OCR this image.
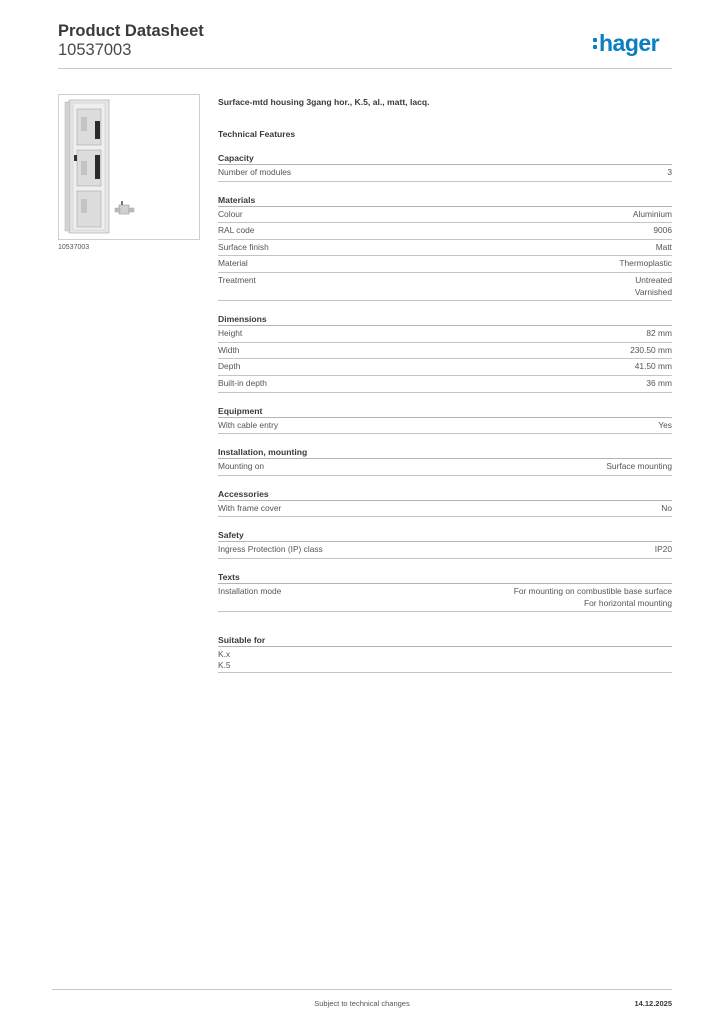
Product Datasheet
10537003	hager
10537003
Surface-mtd housing 3gang hor., K.5, al., matt, lacq.
Technical Features
Capacity
Number of modules	3
Materials
Colour	Aluminium
RAL code	9006
Surface finish	Matt
Material	Thermoplastic
Treatment	Untreated
Varnished
Dimensions
Height	82 mm
Width	230.50 mm
Depth	41.50 mm
Built-in depth	36 mm
Equipment
With cable entry	Yes
Installation, mounting
Mounting on	Surface mounting
Accessories
With frame cover	No
Safety
Ingress Protection (IP) class	IP20
Texts
Installation mode	For mounting on combustible base surface
For horizontal mounting
Suitable for
K.x
K.5
Subject to technical changes	14.12.2025
